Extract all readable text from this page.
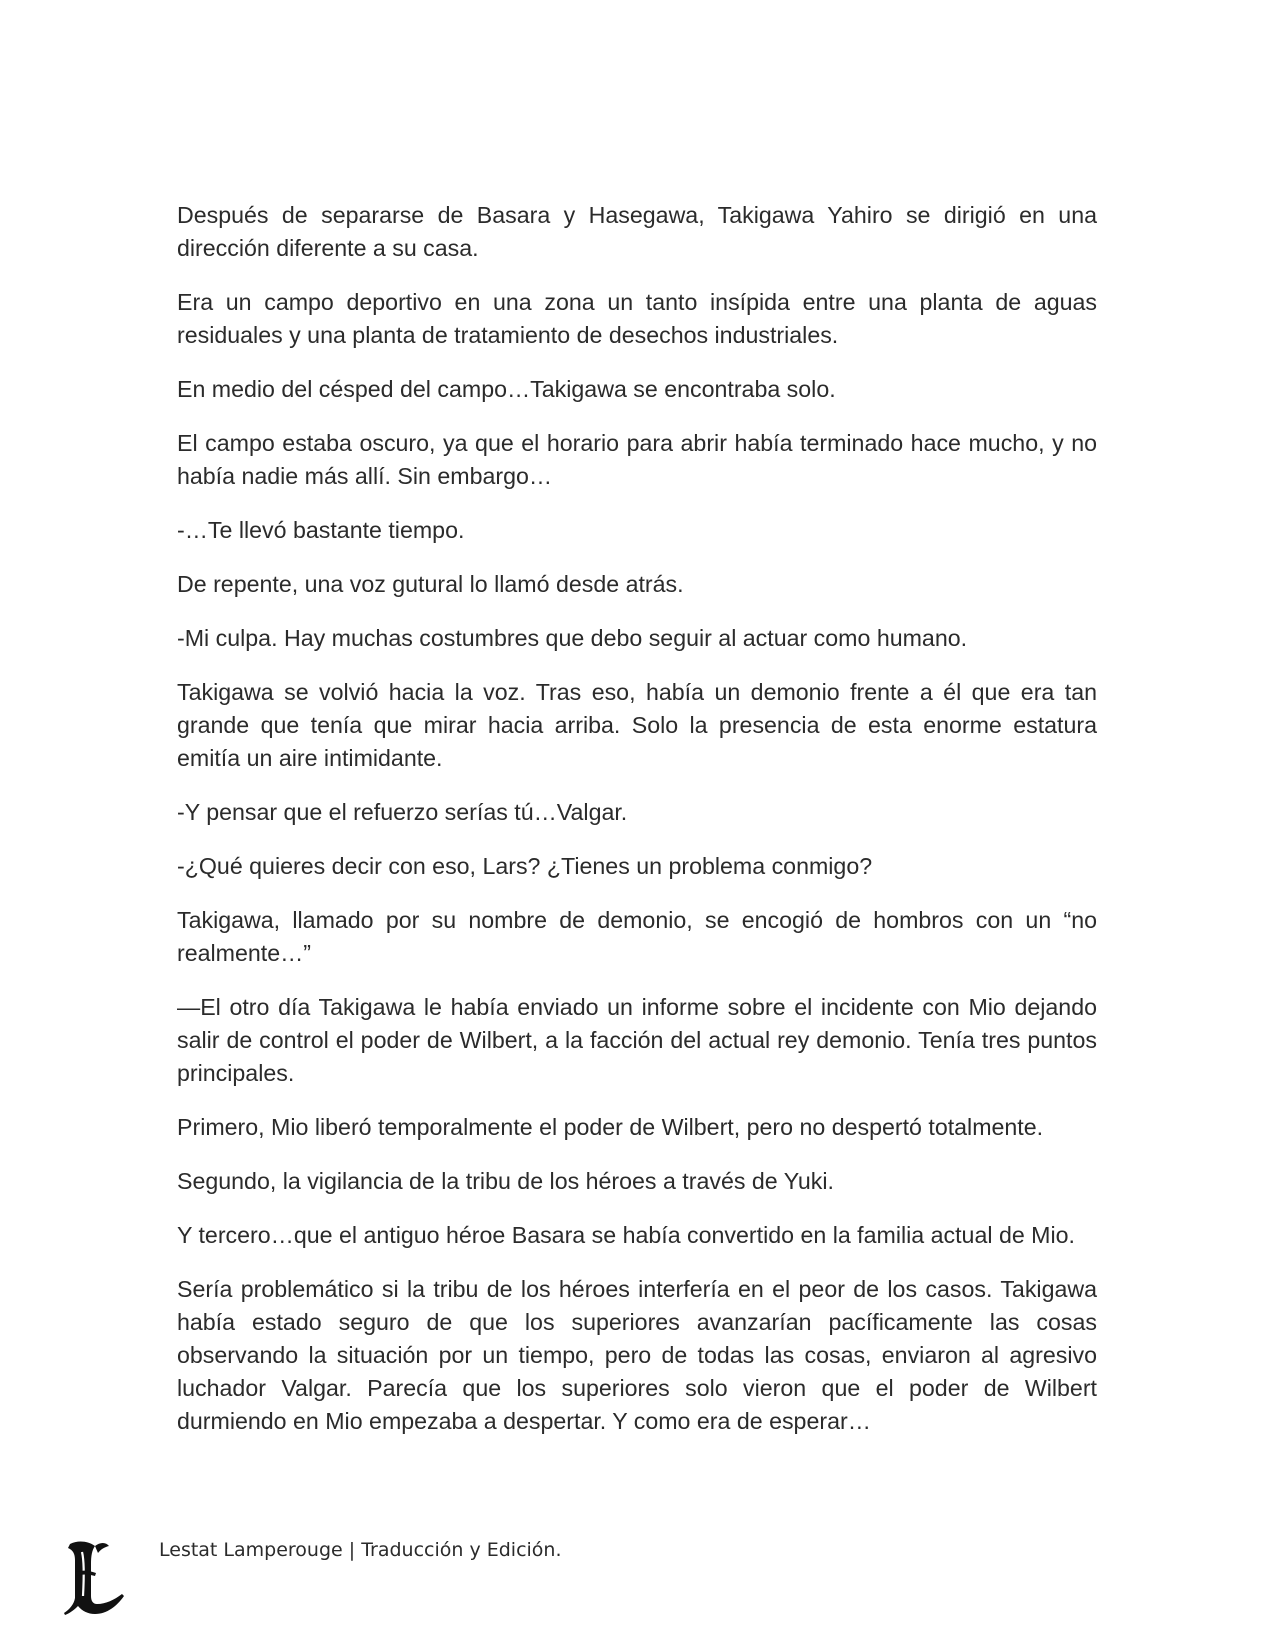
Después de separarse de Basara y Hasegawa, Takigawa Yahiro se dirigió en una dirección diferente a su casa.

Era un campo deportivo en una zona un tanto insípida entre una planta de aguas residuales y una planta de tratamiento de desechos industriales.

En medio del césped del campo…Takigawa se encontraba solo.

El campo estaba oscuro, ya que el horario para abrir había terminado hace mucho, y no había nadie más allí. Sin embargo…

-…Te llevó bastante tiempo.

De repente, una voz gutural lo llamó desde atrás.

-Mi culpa. Hay muchas costumbres que debo seguir al actuar como humano.

Takigawa se volvió hacia la voz. Tras eso, había un demonio frente a él que era tan grande que tenía que mirar hacia arriba. Solo la presencia de esta enorme estatura emitía un aire intimidante.

-Y pensar que el refuerzo serías tú…Valgar.

-¿Qué quieres decir con eso, Lars? ¿Tienes un problema conmigo?

Takigawa, llamado por su nombre de demonio, se encogió de hombros con un “no realmente…”

—El otro día Takigawa le había enviado un informe sobre el incidente con Mio dejando salir de control el poder de Wilbert, a la facción del actual rey demonio. Tenía tres puntos principales.

Primero, Mio liberó temporalmente el poder de Wilbert, pero no despertó totalmente.

Segundo, la vigilancia de la tribu de los héroes a través de Yuki.

Y tercero…que el antiguo héroe Basara se había convertido en la familia actual de Mio.

Sería problemático si la tribu de los héroes interfería en el peor de los casos. Takigawa había estado seguro de que los superiores avanzarían pacíficamente las cosas observando la situación por un tiempo, pero de todas las cosas, enviaron al agresivo luchador Valgar. Parecía que los superiores solo vieron que el poder de Wilbert durmiendo en Mio empezaba a despertar. Y como era de esperar…

Lestat Lamperouge | Traducción y Edición.
